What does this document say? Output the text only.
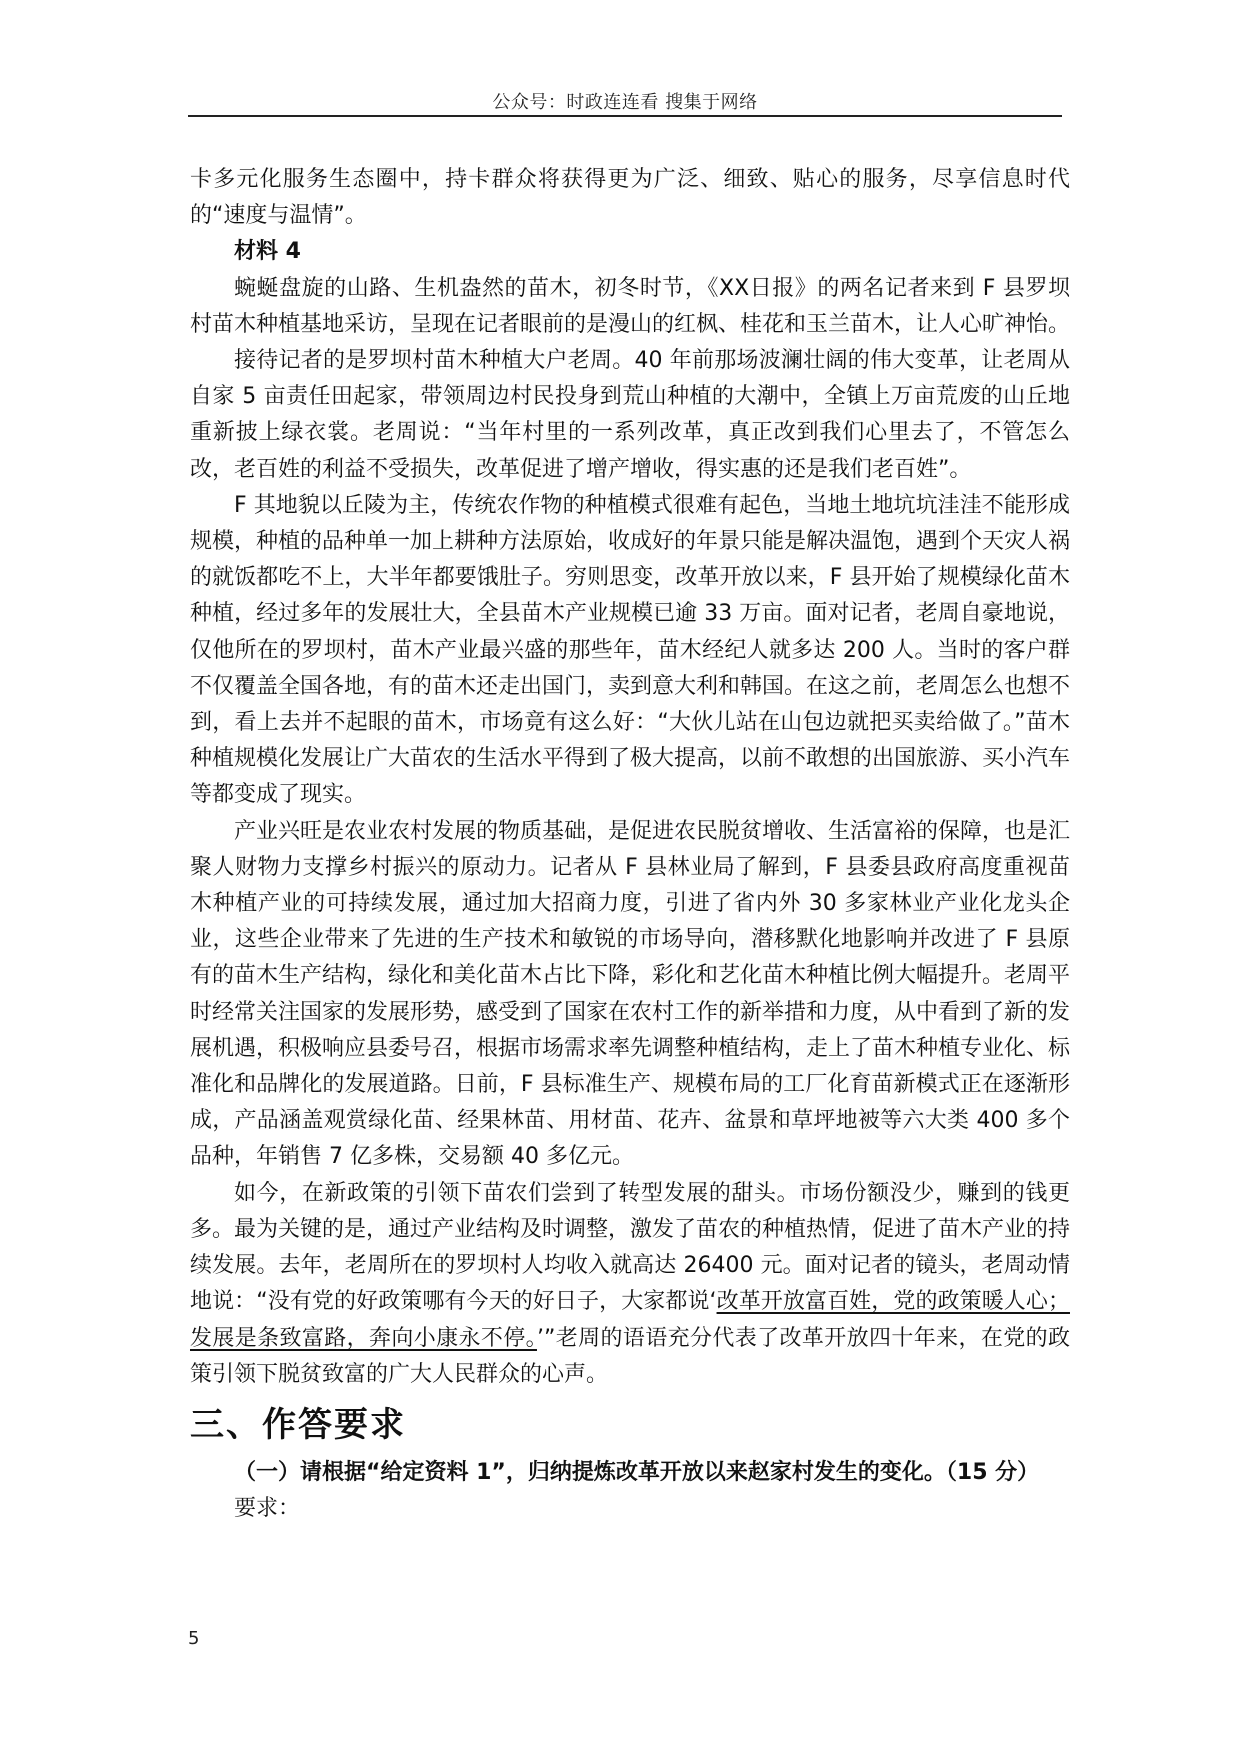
公众号：时政连连看 搜集于网络

卡多元化服务生态圈中，持卡群众将获得更为广泛、细致、贴心的服务，尽享信息时代的“速度与温情”。

材料 4

蜿蜒盘旋的山路、生机盎然的苗木，初冬时节，《XX日报》的两名记者来到 F 县罗坝村苗木种植基地采访，呈现在记者眼前的是漫山的红枫、桂花和玉兰苗木，让人心旷神怡。

接待记者的是罗坝村苗木种植大户老周。40 年前那场波澜壮阔的伟大变革，让老周从自家 5 亩责任田起家，带领周边村民投身到荒山种植的大潮中，全镇上万亩荒废的山丘地重新披上绿衣裳。老周说：“当年村里的一系列改革，真正改到我们心里去了，不管怎么改，老百姓的利益不受损失，改革促进了增产增收，得实惠的还是我们老百姓”。

F 其地貌以丘陵为主，传统农作物的种植模式很难有起色，当地土地坑坑洼洼不能形成规模，种植的品种单一加上耕种方法原始，收成好的年景只能是解决温饱，遇到个天灾人祸的就饭都吃不上，大半年都要饿肚子。穷则思变，改革开放以来，F 县开始了规模绿化苗木种植，经过多年的发展壮大，全县苗木产业规模已逾 33 万亩。面对记者，老周自豪地说，仅他所在的罗坝村，苗木产业最兴盛的那些年，苗木经纪人就多达 200 人。当时的客户群不仅覆盖全国各地，有的苗木还走出国门，卖到意大利和韩国。在这之前，老周怎么也想不到，看上去并不起眼的苗木，市场竟有这么好：“大伙儿站在山包边就把买卖给做了。”苗木种植规模化发展让广大苗农的生活水平得到了极大提高，以前不敢想的出国旅游、买小汽车等都变成了现实。

产业兴旺是农业农村发展的物质基础，是促进农民脱贫增收、生活富裕的保障，也是汇聚人财物力支撑乡村振兴的原动力。记者从 F 县林业局了解到，F 县委县政府高度重视苗木种植产业的可持续发展，通过加大招商力度，引进了省内外 30 多家林业产业化龙头企业，这些企业带来了先进的生产技术和敏锐的市场导向，潜移默化地影响并改进了 F 县原有的苗木生产结构，绿化和美化苗木占比下降，彩化和艺化苗木种植比例大幅提升。老周平时经常关注国家的发展形势，感受到了国家在农村工作的新举措和力度，从中看到了新的发展机遇，积极响应县委号召，根据市场需求率先调整种植结构，走上了苗木种植专业化、标准化和品牌化的发展道路。日前，F 县标准生产、规模布局的工厂化育苗新模式正在逐渐形成，产品涵盖观赏绿化苗、经果林苗、用材苗、花卉、盆景和草坪地被等六大类 400 多个品种，年销售 7 亿多株，交易额 40 多亿元。

如今，在新政策的引领下苗农们尝到了转型发展的甜头。市场份额没少，赚到的钱更多。最为关键的是，通过产业结构及时调整，激发了苗农的种植热情，促进了苗木产业的持续发展。去年，老周所在的罗坝村人均收入就高达 26400 元。面对记者的镜头，老周动情地说：“没有党的好政策哪有今天的好日子，大家都说‘改革开放富百姓，党的政策暖人心；发展是条致富路，奔向小康永不停。’”老周的语语充分代表了改革开放四十年来，在党的政策引领下脱贫致富的广大人民群众的心声。

三、作答要求
（一）请根据“给定资料 1”，归纳提炼改革开放以来赵家村发生的变化。（15 分）
要求：
5
